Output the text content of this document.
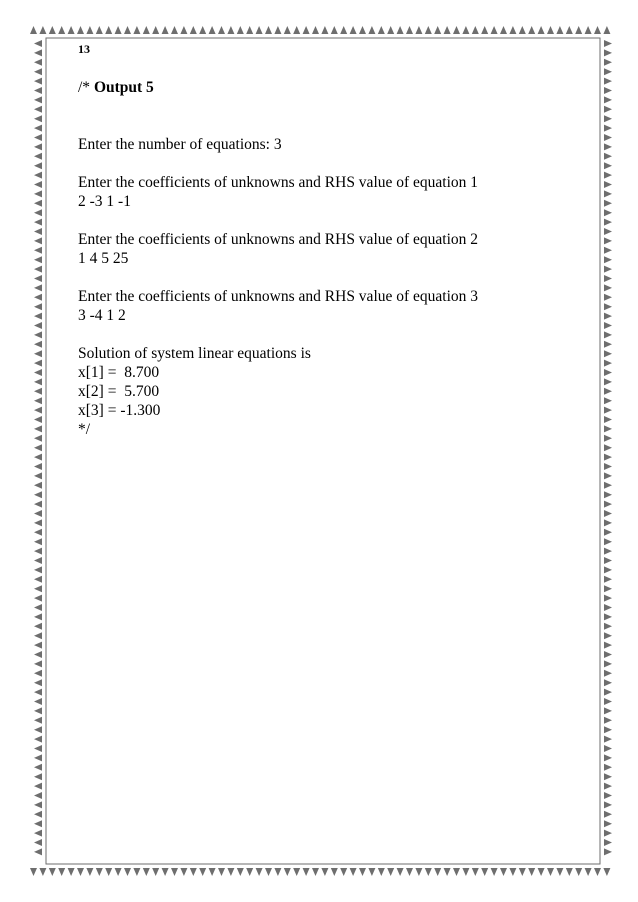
13

/* Output 5

Enter the number of equations: 3

Enter the coefficients of unknowns and RHS value of equation 1

2 -3 1 -1

Enter the coefficients of unknowns and RHS value of equation 2

1 4 5 25

Enter the coefficients of unknowns and RHS value of equation 3

3 -4 1 2

Solution of system linear equations is

x[1] =  8.700

x[2] =  5.700

x[3] = -1.300

*/
